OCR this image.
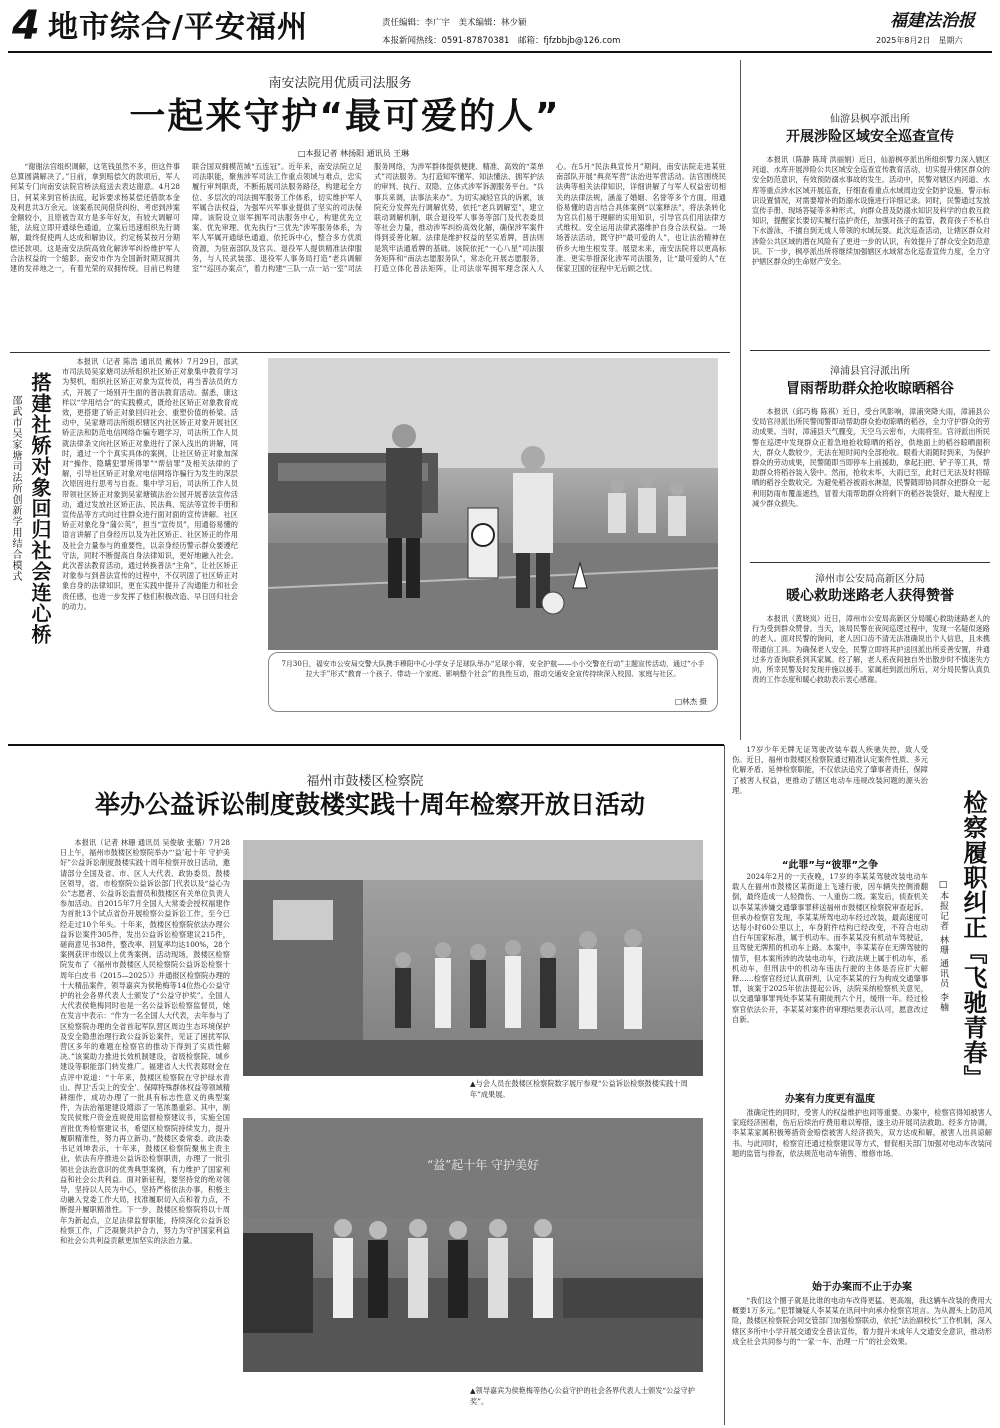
4 地市综合/平安福州	责任编辑：李广宇　美术编辑：林少颖
本报新闻热线：0591-87870381　邮箱：fjfzbbjb@126.com
福建法治报
2025年8月2日　星期六
南安法院用优质司法服务
一起来守护“最可爱的人”
□本报记者 林扬阳 通讯员 王琳

“谢谢法官组织调解，这笔钱虽然不多，但这件事总算圆满解决了。”日前，拿到赔偿欠的款项后，军人何某专门向南安法院官桥法庭送去表达谢意。4月28日，何某来到官桥法庭，起诉要求杨某偿还借款本金及利息共3万余元。该案系民间借贷纠纷，考虑到涉案金额较小，且原被告双方是多年好友，有较大调解可能，法庭立即开通绿色通道，立案后迅速组织先行调解，最终促使两人达成和解协议，约定杨某按月分期偿还款项。这是南安法院高效化解涉军纠纷维护军人合法权益的一个缩影。南安市作为全国新时期双拥共建的发祥地之一，有着光荣的双拥传统。目前已构建联合国双拥模范城“五连冠”。近年来，南安法院立足司法职能，聚焦涉军司法工作重点领域与难点，忠实履行审判职责，不断拓展司法服务路径，构建起全方位、多层次的司法拥军服务工作体系，切实维护军人军属合法权益，为强军兴军事业提供了坚实的司法保障。该院设立崇军拥军司法服务中心，构建优先立案、优先审理、优先执行“三优先”涉军服务体系，为军人军属开通绿色通道，依托诉中心，整合多方优质资源，为驻南部队及官兵、退役军人提供精准法律服务，与人民武装部、退役军人事务局打造“老兵调解室”“巡回办案点”，着力构建“三队一点一站一室”司法服务网络，为涉军群体提供便捷、精准、高效的“菜单式”司法服务。为打造知军懂军、知法懂法、拥军护法的审判、执行、双隐、立体式涉军诉源服务平台。“兵事兵来调，法事法来办”。为切实减轻官兵的诉累，该院充分发挥先行调解优势，依托“老兵调解室”，建立联动调解机制，联合退役军人事务等部门及代表委员等社会力量，推动涉军纠纷高效化解，确保涉军案件得到妥善化解。法律是维护权益的坚实盾牌，普法则是筑牢法通盾牌的基础。该院依托“一心八星”司法服务矩阵和“南法志愿服务队”，常态化开展志愿服务，打造立体化普法矩阵，让司法崇军拥军理念深入人心。在5月“民法典宣传月”期间，南安法院走进某驻南部队开展“典亮军营”法治进军营活动。法官围绕民法典等相关法律知识，详细讲解了与军人权益密切相关的法律法规，涵盖了婚姻、名誉等多个方面，用通俗易懂的语言结合具体案例“以案释法”，将法条转化为官兵们易于理解的实用知识，引导官兵们用法律方式维权。安全运用法律武器维护自身合法权益。一场场普法活动，既守护“最可爱的人”，也让法治精神在侨乡大地生根发芽。展望未来，南安法院将以更高标准、更实举措深化涉军司法服务，让“最可爱的人”在保家卫国的征程中无后顾之忧。

仙游县枫亭派出所
开展涉险区域安全巡查宣传

本报讯（陈静 陈琦 洪丽娟）近日，仙游枫亭派出所组织警力深入辖区河道、水库开展涉险公共区域安全巡查宣传教育活动，切实提升辖区群众的安全防范意识，有效预防溺水事故的发生。活动中，民警对辖区内河道、水库等重点涉水区域开展巡查，仔细查看重点水域周边安全防护设施、警示标识设置情况，对需要增补的防溺水设施进行详细记录。同时，民警通过发放宣传手册、现场答疑等多种形式，向群众普及防溺水知识及科学的自救互救知识，提醒家长要切实履行监护责任，加强对孩子的监管，教育孩子不私自下水游泳，不擅自到无成人带领的水域玩耍。此次巡查活动，让辖区群众对涉险公共区域的潜在风险有了更进一步的认识，有效提升了群众安全防范意识。下一步，枫亭派出所将继续加强辖区水域常态化巡查宣传力度，全力守护辖区群众的生命财产安全。

漳浦县官浔派出所
冒雨帮助群众抢收晾晒稻谷

本报讯（邱巧梅 陈祺）近日，受台风影响，漳浦突降大雨，漳浦县公安局官浔派出所民警闻警即动帮助群众抢收晾晒的稻谷，全力守护群众的劳动成果。当时，漳浦县天气骤变，天空乌云密布，大雨将至。官浔派出所民警在巡逻中发现群众正着急地抢收晾晒的稻谷，供地面上的稻谷晾晒面积大，群众人数较少，无法在短时间内全部抢收。眼看大雨随时到来，为保护群众的劳动成果，民警随即当即停车上前援助，拿起扫把、铲子等工具，帮助群众将稻谷装入袋中。然而，抢收未毕，大雨已至，此时已无法及时将晾晒的稻谷全数收完。为避免稻谷被雨水淋湿，民警随即协同群众把群众一起利用防雨布覆盖遮挡，冒着大雨帮助群众将剩下的稻谷装袋好，最大程度上减少群众损失。

漳州市公安局高新区分局
暖心救助迷路老人获得赞誉

本报讯（黄晓岚）近日，漳州市公安局高新区分局暖心救助迷路老人的行为受到群众赞誉。当天，该局民警在夜间巡逻过程中，发现一名疑似迷路的老人。面对民警的询问，老人因口齿不清无法准确说出个人信息，且未携带通信工具。为确保老人安全，民警立即将其护送回派出所妥善安置，并通过多方查询联系到其家属。经了解，老人系夜间独自外出散步时不慎迷失方向，所幸民警及时发现并施以援手。家属赶到派出所后，对分局民警认真负责的工作态度和暖心救助表示衷心感谢。

搭建社矫对象回归社会连心桥
邵武市吴家塘司法所创新学用结合模式

本报讯（记者 陈浩 通讯员 戴林）7月29日，邵武市司法局吴家塘司法所组织社区矫正对象集中教育学习为契机，组织社区矫正对象为宣传员，再当普法员的方式，开展了一场别开生面的普法教育活动。据悉，康这样以“学用结合”的实践模式，既给社区矫正对象教育成效，更搭建了矫正对象回归社会、重塑价值的桥梁。活动中，吴家塘司法所组织辖区内社区矫正对象开展社区矫正法和防范电信网络诈骗专题学习，司法所工作人员就法律条文向社区矫正对象进行了深入浅出的讲解，同时，通过一个个真实具体的案例，让社区矫正对象加深对“操作、隐瞒犯罪所得罪”“帮信罪”及相关法律的了解，引导社区矫正对象对电信网络诈骗行为发生的深层次原因进行思考与自查。集中学习后，司法所工作人员带领社区矫正对象到吴家塘镇法治公园开展普法宣传活动，通过发放社区矫正法、民法典、宪法等宣传手册和宣传品等方式向过往群众进行面对面的宣传讲解。社区矫正对象化身“蒲公英”，担当“宣传员”，用通俗易懂的语言讲解了自身经历以及为社区矫正、社区矫正的作用及社会力量参与的重要性，以亲身经历警示群众要遵纪守法，同时不断提高自身法律知识，更好地融入社会。此次普法教育活动，通过转换普法“主角”，让社区矫正对象参与到普法宣传的过程中，不仅巩固了社区矫正对象自身的法律知识，更在实践中提升了沟通能力和社会责任感，也进一步发挥了他们积极改造、早日回归社会的动力。

7月30日，福安市公安局交警大队携手穆阳中心小学女子足球队举办“足球小将，安全护航——小小交警在行动”主题宣传活动，通过“小手拉大手”形式“教育一个孩子、带动一个家庭、影响整个社会”的良性互动，推动交通安全宣传持续深入校园、家庭与社区。
□林杰 摄
福州市鼓楼区检察院
举办公益诉讼制度鼓楼实践十周年检察开放日活动

本报讯（记者 林珊 通讯员 吴俊敏 张璐）7月28日上午，福州市鼓楼区检察院举办“‘益’起十年 守护美好”公益诉讼制度鼓楼实践十周年检察开放日活动，邀请部分全国及省、市、区人大代表、政协委员、鼓楼区领导，省、市检察院公益诉讼部门代表以及“益心为公”志愿者、公益诉讼监督员和鼓楼区有关单位负责人参加活动。自2015年7月全国人大常委会授权福建作为首批13个试点省份开展检察公益诉讼工作，至今已经走过10个年头。十年来，鼓楼区检察院依法办理公益诉讼案件305件，发出公益诉讼检察建议215件，磋商意见书38件，整改率、回复率均达100%，28个案例获评市级以上优秀案例。活动现场，鼓楼区检察院发布了《福州市鼓楼区人民检察院公益诉讼检察十周年白皮书（2015—2025）》并通报区检察院办理的十大精品案件，领导嘉宾为侯艳梅等14位热心公益守护的社会各界代表人士颁发了“公益守护奖”。全国人大代表侯艳梅同时也是一名公益诉讼检察监督员，她在发言中表示：“作为一名全国人大代表，去年参与了区检察院办理的全省首起军队营区周边生态环境保护及安全隐患治理行政公益诉讼案件，见证了困扰军队营区多年的难题在检察官的推动下得到了实质性解决。”该案助力推进长效机制建设，省级检察院、城乡建设等职能部门转发推广。福建省人大代表郑财金在点评中说道：“十年来，鼓楼区检察院在守护绿水青山、捍卫‘舌尖上的安全’、保障特殊群体权益等领域精耕细作，成功办理了一批具有标志性意义的典型案件，为法治福建建设增添了一笔浓墨重彩。其中，制发民侯账户资金连规使用监督检察建议书，实施全国首批优秀检察建议书，希望区检察院持续发力，提升履职精准性，努力再立新功。”鼓楼区委常委、政法委书记刘坤表示，十年来，鼓楼区检察院聚焦主责主业，依法有序推进公益诉讼检察职责，办理了一批引领社会法治意识的优秀典型案例，有力维护了国家利益和社会公共利益。面对新征程，要坚持党的绝对领导，坚持以人民为中心，坚持严格依法办事，积极主动融入党委工作大局，找准履职切入点和着力点，不断提升履职精准性。下一步，鼓楼区检察院将以十周年为新起点，立足法律监督职能，持续深化公益诉讼检察工作，广泛凝聚共护合力，努力为守护国家利益和社会公共利益贡献更加坚实的法治力量。

▲与会人员在鼓楼区检察院数字展厅参观“公益诉讼检察鼓楼实践十周年”成果展。
“益”起十年 守护美好
▲领导嘉宾为侯艳梅等热心公益守护的社会各界代表人士颁发“公益守护奖”。

17岁少年无牌无证驾驶改装车载人疾驰失控，致人受伤。近日，福州市鼓楼区检察院通过精准认定案件性质、多元化解矛盾、延伸检察职能，不仅依法追究了肇事者责任，保障了被害人权益，更推动了辖区电动车违规改装问题的源头治理。

“此罪”与“彼罪”之争

2024年2月的一天夜晚，17岁的李某某驾驶改装电动车载人在福州市鼓楼区某街道上飞速行驶，因车辆失控侧滑翻倒，最终造成一人轻微伤、一人重伤二级。案发后，侦查机关以李某某涉嫌交通肇事罪移送福州市鼓楼区检察院审查起诉。但承办检察官发现，李某某所驾电动车经过改装，最高速度可达每小时60公里以上，车身附件结构已经改变，不符合电动自行车国家标准，属于机动车。而李某某没有机动车驾驶证，且驾驶无牌照的机动车上路。本案中，李某某存在无牌驾驶的情节，但本案所涉的改装电动车，行政法规上属于机动车，系机动车，但刑法中的机动车违法行驶的主体是否应扩大解释……检察官经过认真研判，认定李某某的行为构成交通肇事罪，该案于2025年依法提起公诉，法院采纳检察机关意见，以交通肇事罪判处李某某有期徒刑六个月，缓刑一年。经过检察官依法公开，李某某对案件的审理结果表示认可，愿意改过自新。

办案有力度更有温度

准确定性的同时，受害人的权益维护也同等重要。办案中，检察官得知被害人家庭经济困难，伤后后续治疗费用难以筹措，遂主动开展司法救助。经多方协调，李某某家属积极筹措资金赔偿被害人经济损失，双方达成和解，被害人出具谅解书。与此同时，检察官还通过检察建议等方式，督促相关部门加强对电动车改装问题的监管与排查，依法规范电动车销售、维修市场。

始于办案而不止于办案

“我们这个圈子就是比谁的电动车改得更猛、更高端，我这辆车改装的费用大概要1万多元。”犯罪嫌疑人李某某在讯问中向承办检察官坦言。为从源头上防范风险，鼓楼区检察院会同交管部门加强检察联动，依托“法治副校长”工作机制，深入辖区多所中小学开展交通安全普法宣传，着力提升未成年人交通安全意识，推动形成全社会共同参与的“一家一车、治理一片”的社会效果。

检察履职纠正『飞驰青春』
□本报记者 林珊 通讯员 李楠
